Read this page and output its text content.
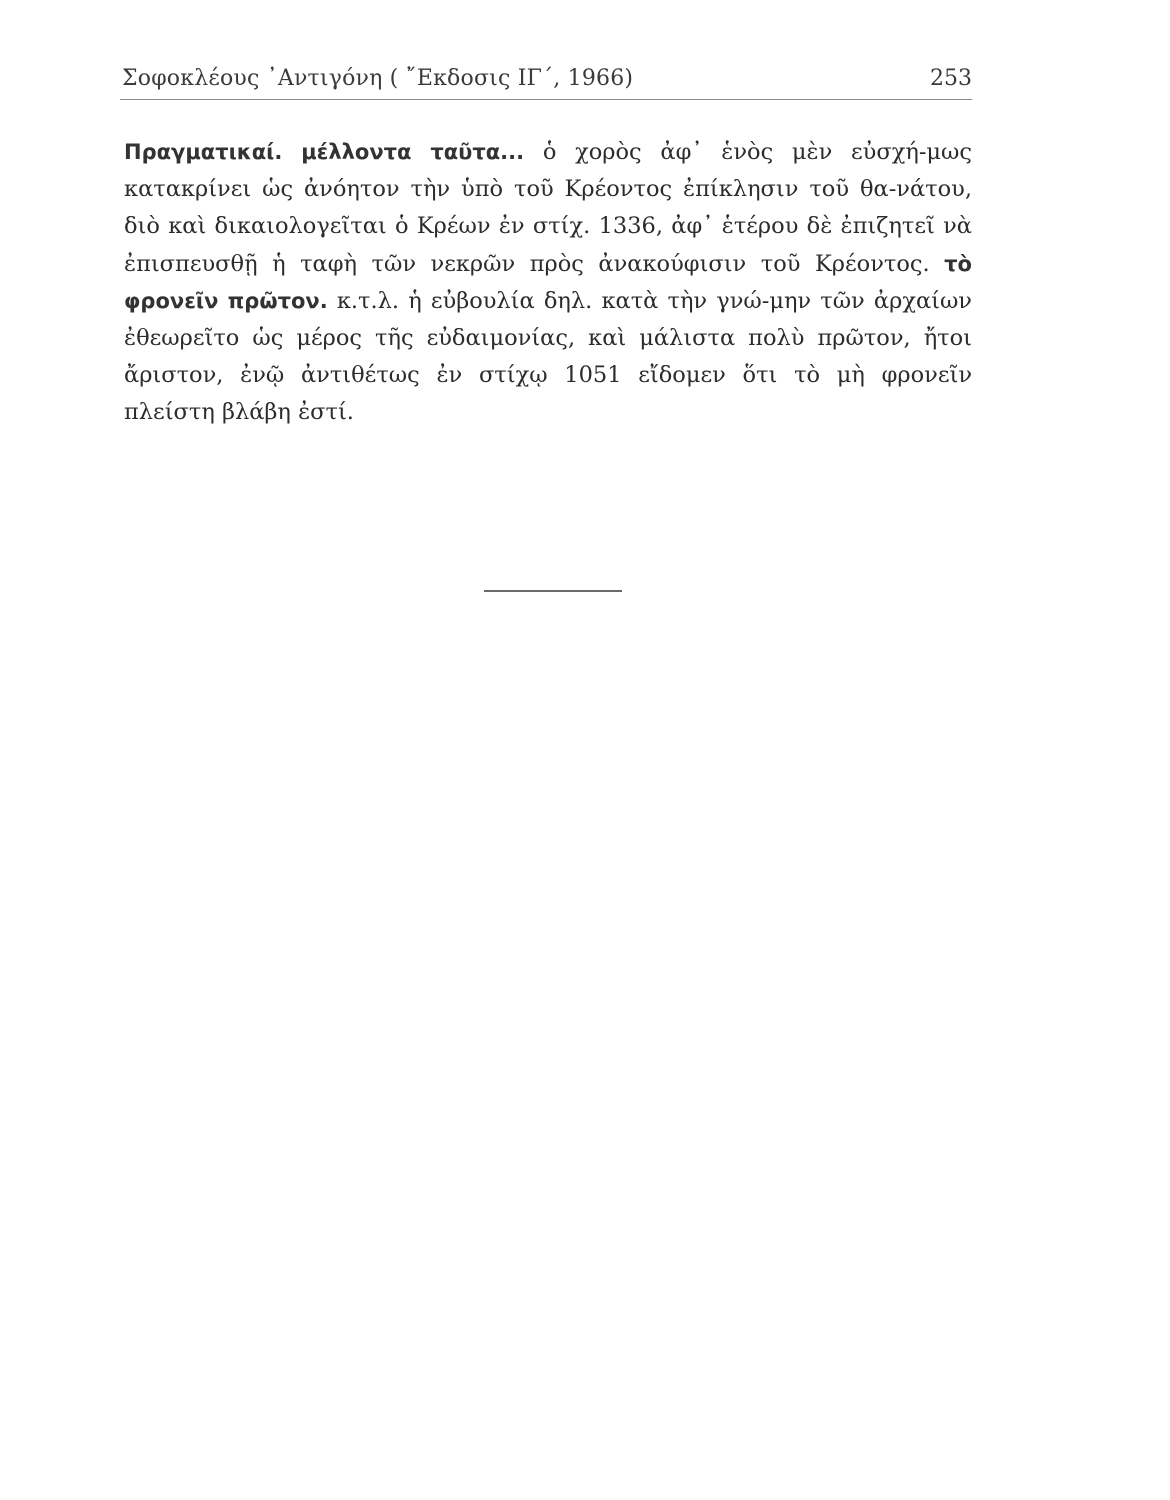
Σοφοκλέους ᾽Αντιγόνη ( ῎Εκδοσις ΙΓ΄, 1966)	253

Πραγματικαί. μέλλοντα ταῦτα... ὁ χορὸς ἀφ᾽ ἑνὸς μὲν εὐσχή-μως κατακρίνει ὡς ἀνόητον τὴν ὑπὸ τοῦ Κρέοντος ἐπίκλησιν τοῦ θα-νάτου, διὸ καὶ δικαιολογεῖται ὁ Κρέων ἐν στίχ. 1336, ἀφ᾽ ἑτέρου δὲ ἐπιζητεῖ νὰ ἐπισπευσθῇ ἡ ταφὴ τῶν νεκρῶν πρὸς ἀνακούφισιν τοῦ Κρέοντος. τὸ φρονεῖν πρῶτον. κ.τ.λ. ἡ εὐβουλία δηλ. κατὰ τὴν γνώ-μην τῶν ἀρχαίων ἐθεωρεῖτο ὡς μέρος τῆς εὐδαιμονίας, καὶ μάλιστα πολὺ πρῶτον, ἤτοι ἄριστον, ἐνῷ ἀντιθέτως ἐν στίχῳ 1051 εἴδομεν ὅτι τὸ μὴ φρονεῖν πλείστη βλάβη ἐστί.
